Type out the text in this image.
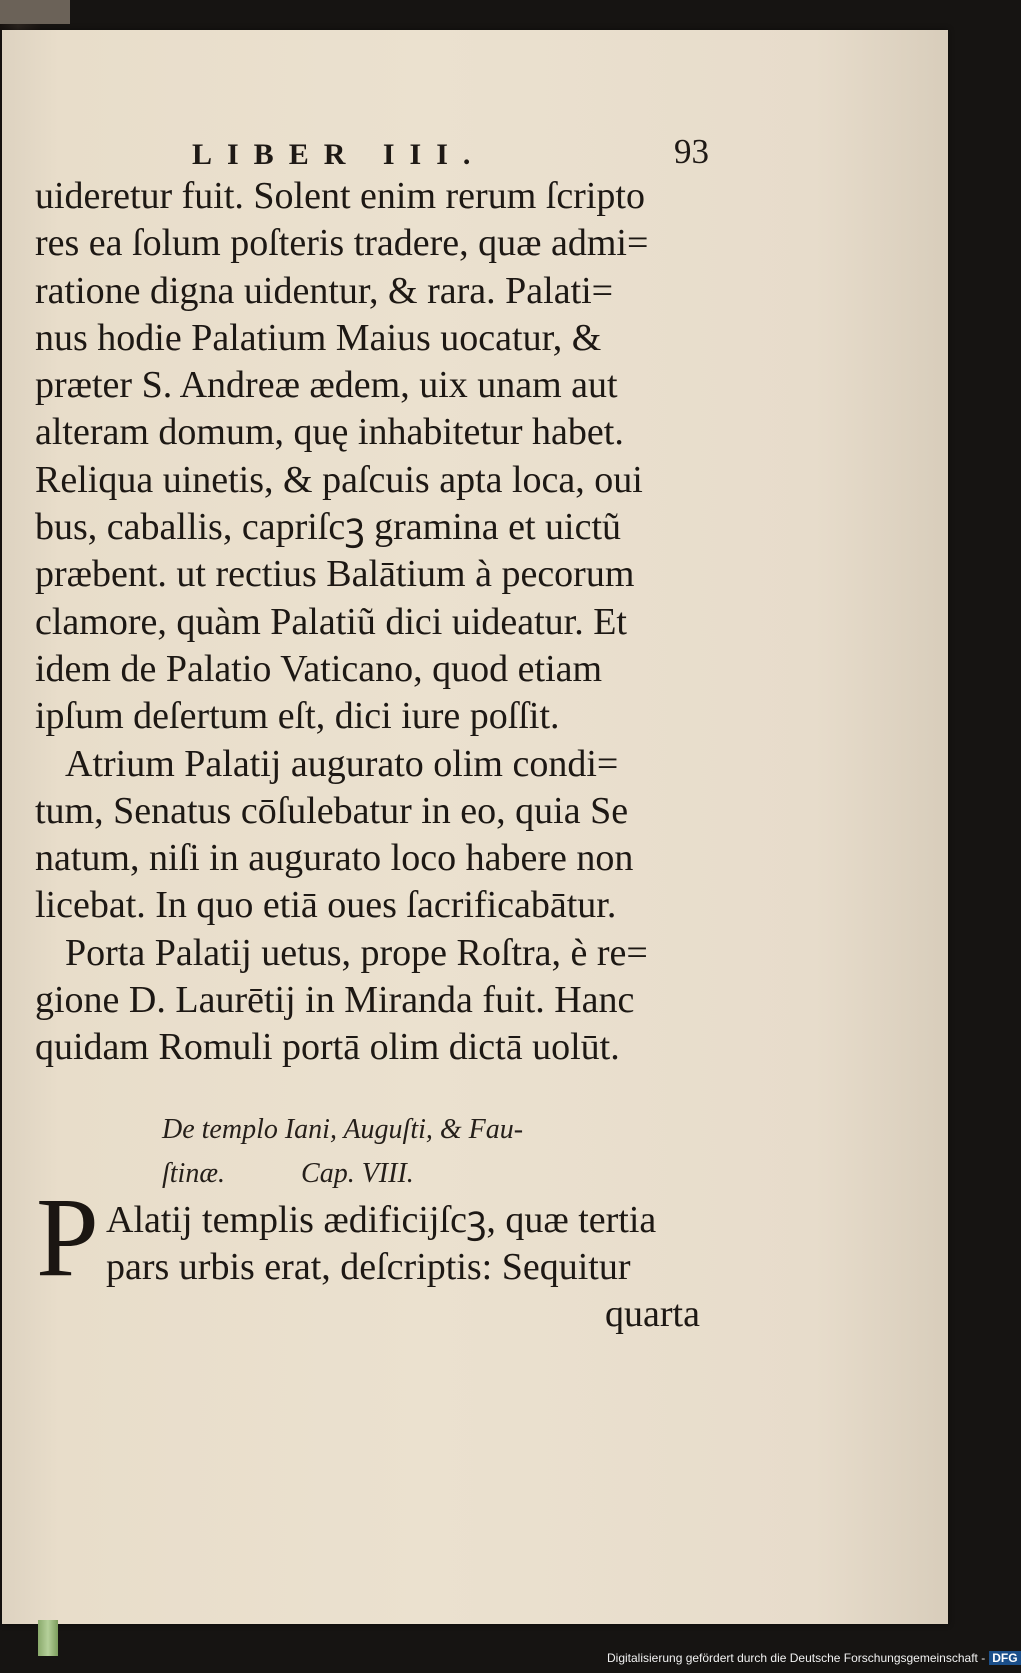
LIBER III.	93
uideretur fuit. Solent enim rerum ſcripto
res ea ſolum poſteris tradere, quæ admi=
ratione digna uidentur, & rara. Palati=
nus hodie Palatium Maius uocatur, &
præter S. Andreæ ædem, uix unam aut
alteram domum, quę inhabitetur habet.
Reliqua uinetis, & paſcuis apta loca, oui
bus, caballis, capriſcꝫ gramina et uictũ
præbent. ut rectius Balātium à pecorum
clamore, quàm Palatiũ dici uideatur. Et
idem de Palatio Vaticano, quod etiam
ipſum deſertum eſt, dici iure poſſit.
Atrium Palatij augurato olim condi=
tum, Senatus cōſulebatur in eo, quia Se
natum, niſi in augurato loco habere non
licebat. In quo etiā oues ſacrificabātur.
Porta Palatij uetus, prope Roſtra, è re=
gione D. Laurētij in Miranda fuit. Hanc
quidam Romuli portā olim dictā uolūt.
De templo Iani, Auguſti, & Fau-
ſtinæ.	Cap. VIII.
P Alatij templis ædificijſcꝫ, quæ tertia
pars urbis erat, deſcriptis: Sequitur
quarta
Digitalisierung gefördert durch die Deutsche Forschungsgemeinschaft - DFG
